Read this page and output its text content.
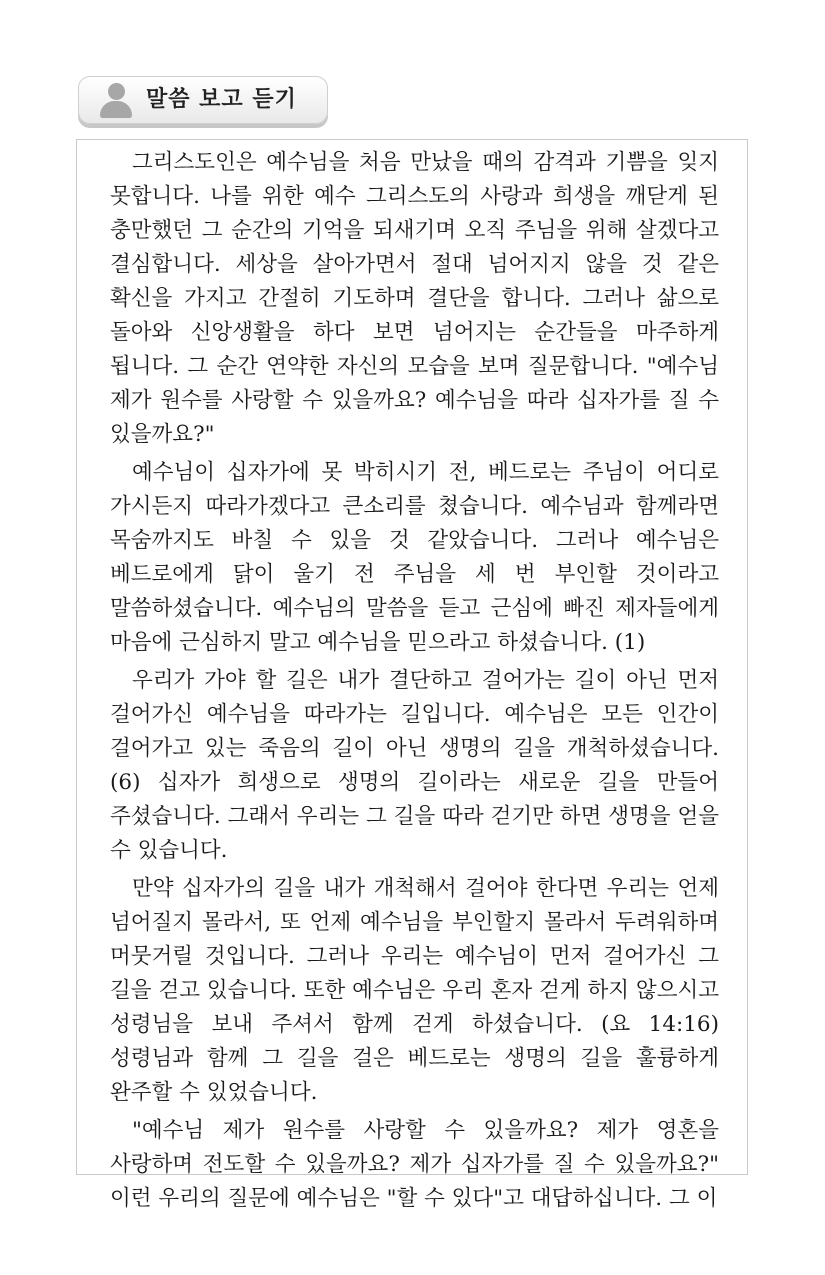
말씀 보고 듣기

그리스도인은 예수님을 처음 만났을 때의 감격과 기쁨을 잊지 못합니다. 나를 위한 예수 그리스도의 사랑과 희생을 깨닫게 된 충만했던 그 순간의 기억을 되새기며 오직 주님을 위해 살겠다고 결심합니다. 세상을 살아가면서 절대 넘어지지 않을 것 같은 확신을 가지고 간절히 기도하며 결단을 합니다. 그러나 삶으로 돌아와 신앙생활을 하다 보면 넘어지는 순간들을 마주하게 됩니다. 그 순간 연약한 자신의 모습을 보며 질문합니다. "예수님 제가 원수를 사랑할 수 있을까요? 예수님을 따라 십자가를 질 수 있을까요?"

예수님이 십자가에 못 박히시기 전, 베드로는 주님이 어디로 가시든지 따라가겠다고 큰소리를 쳤습니다. 예수님과 함께라면 목숨까지도 바칠 수 있을 것 같았습니다. 그러나 예수님은 베드로에게 닭이 울기 전 주님을 세 번 부인할 것이라고 말씀하셨습니다. 예수님의 말씀을 듣고 근심에 빠진 제자들에게 마음에 근심하지 말고 예수님을 믿으라고 하셨습니다. (1)

우리가 가야 할 길은 내가 결단하고 걸어가는 길이 아닌 먼저 걸어가신 예수님을 따라가는 길입니다. 예수님은 모든 인간이 걸어가고 있는 죽음의 길이 아닌 생명의 길을 개척하셨습니다. (6) 십자가 희생으로 생명의 길이라는 새로운 길을 만들어 주셨습니다. 그래서 우리는 그 길을 따라 걷기만 하면 생명을 얻을 수 있습니다.

만약 십자가의 길을 내가 개척해서 걸어야 한다면 우리는 언제 넘어질지 몰라서, 또 언제 예수님을 부인할지 몰라서 두려워하며 머뭇거릴 것입니다. 그러나 우리는 예수님이 먼저 걸어가신 그 길을 걷고 있습니다. 또한 예수님은 우리 혼자 걷게 하지 않으시고 성령님을 보내 주셔서 함께 걷게 하셨습니다. (요 14:16) 성령님과 함께 그 길을 걸은 베드로는 생명의 길을 훌륭하게 완주할 수 있었습니다.

"예수님 제가 원수를 사랑할 수 있을까요? 제가 영혼을 사랑하며 전도할 수 있을까요? 제가 십자가를 질 수 있을까요?" 이런 우리의 질문에 예수님은 "할 수 있다"고 대답하십니다. 그 이
